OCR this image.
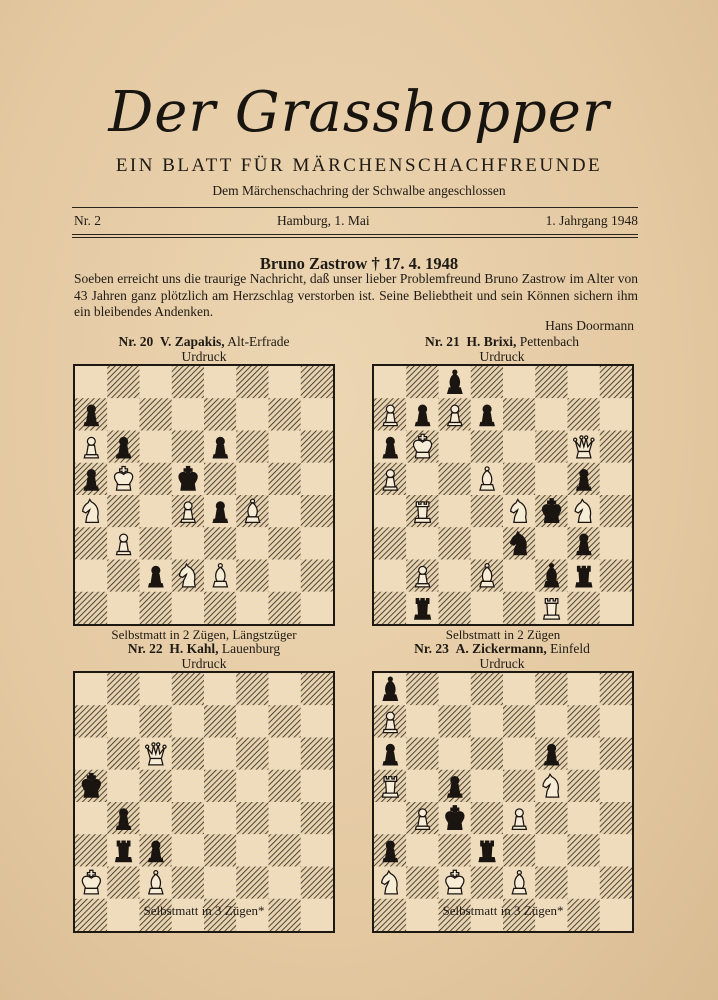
Der Grasshopper
EIN BLATT FÜR MÄRCHENSCHACHFREUNDE
Dem Märchenschachring der Schwalbe angeschlossen
Nr. 2	Hamburg, 1. Mai	1. Jahrgang 1948
Bruno Zastrow † 17. 4. 1948
Soeben erreicht uns die traurige Nachricht, daß unser lieber Problemfreund Bruno Zastrow im Alter von 43 Jahren ganz plötzlich am Herzschlag verstorben ist. Seine Beliebtheit und sein Können sichern ihm ein bleibendes Andenken.
Hans Doormann
Nr. 20 V. Zapakis, Alt-Erfrade
Urdruck
Selbstmatt in 2 Zügen, Längstzüger
Nr. 21 H. Brixi, Pettenbach
Urdruck
Selbstmatt in 2 Zügen
Nr. 22 H. Kahl, Lauenburg
Urdruck
Selbstmatt in 3 Zügen*
Nr. 23 A. Zickermann, Einfeld
Urdruck
Selbstmatt in 3 Zügen*
